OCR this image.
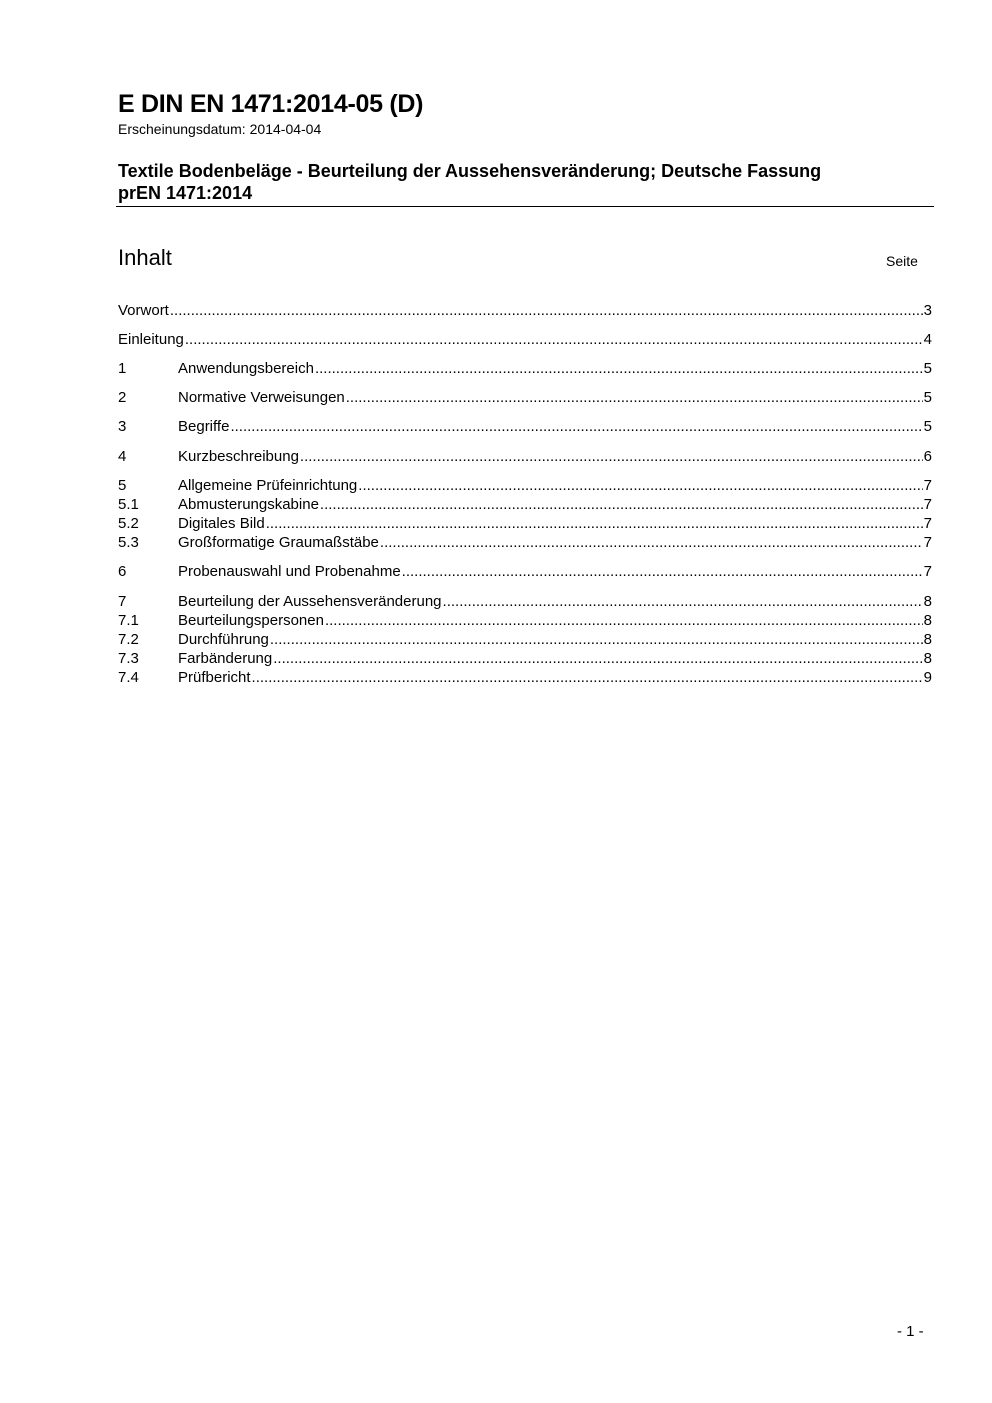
E DIN EN 1471:2014-05 (D)
Erscheinungsdatum: 2014-04-04
Textile Bodenbeläge - Beurteilung der Aussehensveränderung; Deutsche Fassung
prEN 1471:2014
Inhalt	Seite
Vorwort .....	3
Einleitung .....	4
1	Anwendungsbereich .....	5
2	Normative Verweisungen .....	5
3	Begriffe .....	5
4	Kurzbeschreibung .....	6
5	Allgemeine Prüfeinrichtung .....	7
5.1	Abmusterungskabine .....	7
5.2	Digitales Bild .....	7
5.3	Großformatige Graumaßstäbe .....	7
6	Probenauswahl und Probenahme .....	7
7	Beurteilung der Aussehensveränderung .....	8
7.1	Beurteilungspersonen .....	8
7.2	Durchführung .....	8
7.3	Farbänderung .....	8
7.4	Prüfbericht .....	9
- 1 -
